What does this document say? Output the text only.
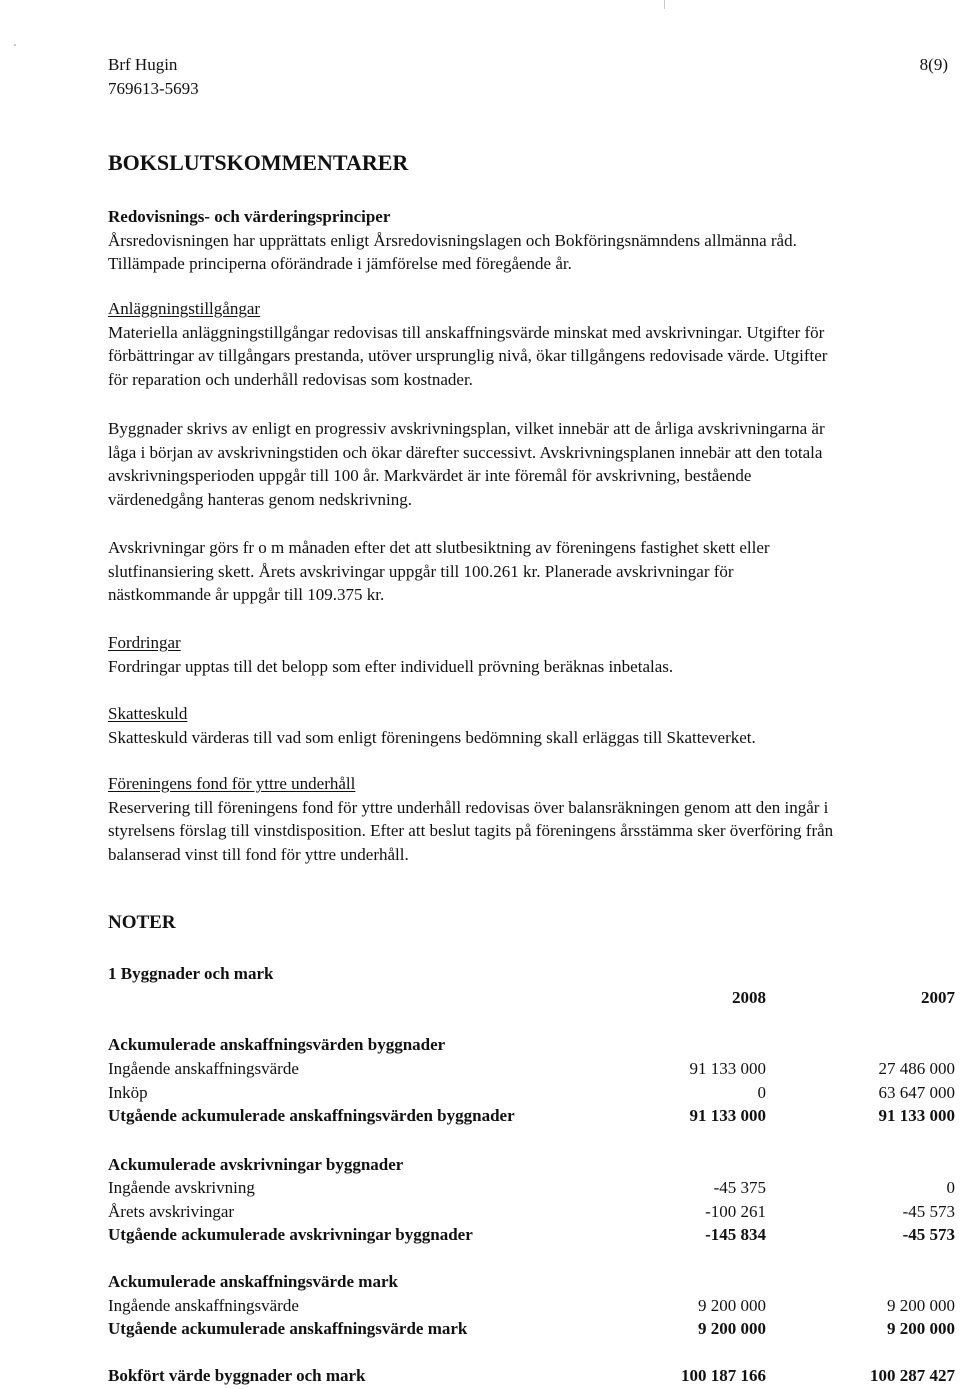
Brf Hugin
769613-5693
8(9)
BOKSLUTSKOMMENTARER

Redovisnings- och värderingsprinciper

Årsredovisningen har upprättats enligt Årsredovisningslagen och Bokföringsnämndens allmänna råd.

Tillämpade principerna oförändrade i jämförelse med föregående år.

Anläggningstillgångar

Materiella anläggningstillgångar redovisas till anskaffningsvärde minskat med avskrivningar. Utgifter för

förbättringar av tillgångars prestanda, utöver ursprunglig nivå, ökar tillgångens redovisade värde. Utgifter

för reparation och underhåll redovisas som kostnader.

Byggnader skrivs av enligt en progressiv avskrivningsplan, vilket innebär att de årliga avskrivningarna är

låga i början av avskrivningstiden och ökar därefter successivt. Avskrivningsplanen innebär att den totala

avskrivningsperioden uppgår till 100 år. Markvärdet är inte föremål för avskrivning, bestående

värdenedgång hanteras genom nedskrivning.

Avskrivningar görs fr o m månaden efter det att slutbesiktning av föreningens fastighet skett eller

slutfinansiering skett. Årets avskrivingar uppgår till 100.261 kr. Planerade avskrivningar för

nästkommande år uppgår till 109.375 kr.

Fordringar

Fordringar upptas till det belopp som efter individuell prövning beräknas inbetalas.

Skatteskuld

Skatteskuld värderas till vad som enligt föreningens bedömning skall erläggas till Skatteverket.

Föreningens fond för yttre underhåll

Reservering till föreningens fond för yttre underhåll redovisas över balansräkningen genom att den ingår i

styrelsens förslag till vinstdisposition. Efter att beslut tagits på föreningens årsstämma sker överföring från

balanserad vinst till fond för yttre underhåll.

NOTER
1 Byggnader och mark
2008	2007
Ackumulerade anskaffningsvärden byggnader
Ingående anskaffningsvärde	91 133 000	27 486 000
Inköp	0	63 647 000
Utgående ackumulerade anskaffningsvärden byggnader	91 133 000	91 133 000
Ackumulerade avskrivningar byggnader
Ingående avskrivning	-45 375	0
Årets avskrivingar	-100 261	-45 573
Utgående ackumulerade avskrivningar byggnader	-145 834	-45 573
Ackumulerade anskaffningsvärde mark
Ingående anskaffningsvärde	9 200 000	9 200 000
Utgående ackumulerade anskaffningsvärde mark	9 200 000	9 200 000
Bokfört värde byggnader och mark	100 187 166	100 287 427
